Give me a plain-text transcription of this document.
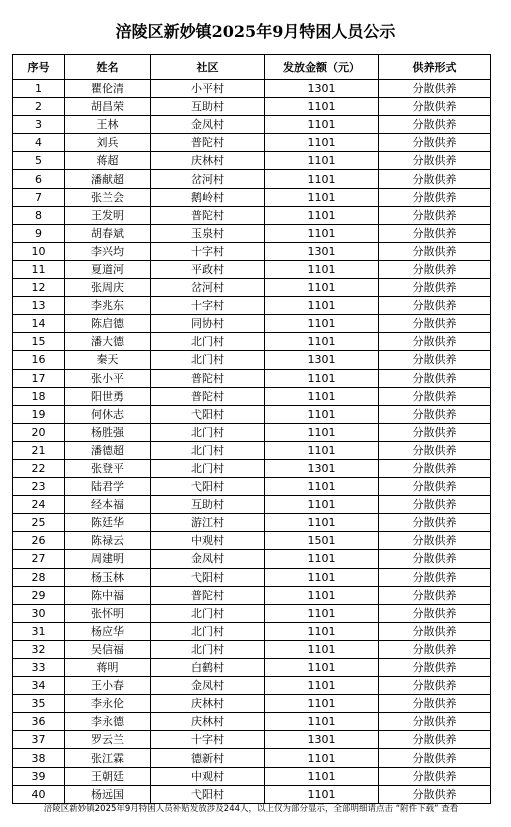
涪陵区新妙镇2025年9月特困人员公示
序号	姓名	社区	发放金额（元）	供养形式
1	瞿伦清	小平村	1301	分散供养
2	胡昌荣	互助村	1101	分散供养
3	王林	金凤村	1101	分散供养
4	刘兵	普陀村	1101	分散供养
5	蒋超	庆林村	1101	分散供养
6	潘献超	岔河村	1101	分散供养
7	张兰会	鹅岭村	1101	分散供养
8	王发明	普陀村	1101	分散供养
9	胡春斌	玉泉村	1101	分散供养
10	李兴均	十字村	1301	分散供养
11	夏道河	平政村	1101	分散供养
12	张周庆	岔河村	1101	分散供养
13	李兆东	十字村	1101	分散供养
14	陈启德	同协村	1101	分散供养
15	潘大德	北门村	1101	分散供养
16	秦天	北门村	1301	分散供养
17	张小平	普陀村	1101	分散供养
18	阳世勇	普陀村	1101	分散供养
19	何休志	弋阳村	1101	分散供养
20	杨胜强	北门村	1101	分散供养
21	潘德超	北门村	1101	分散供养
22	张登平	北门村	1301	分散供养
23	陆君学	弋阳村	1101	分散供养
24	经本福	互助村	1101	分散供养
25	陈廷华	游江村	1101	分散供养
26	陈禄云	中观村	1501	分散供养
27	周建明	金凤村	1101	分散供养
28	杨玉林	弋阳村	1101	分散供养
29	陈中福	普陀村	1101	分散供养
30	张怀明	北门村	1101	分散供养
31	杨应华	北门村	1101	分散供养
32	吴信福	北门村	1101	分散供养
33	蒋明	白鹤村	1101	分散供养
34	王小春	金凤村	1101	分散供养
35	李永伦	庆林村	1101	分散供养
36	李永德	庆林村	1101	分散供养
37	罗云兰	十字村	1301	分散供养
38	张江霖	德新村	1101	分散供养
39	王朝廷	中观村	1101	分散供养
40	杨远国	弋阳村	1101	分散供养
涪陵区新妙镇2025年9月特困人员补贴发放涉及244人，以上仅为部分显示，全部明细请点击 “附件下载” 查看
